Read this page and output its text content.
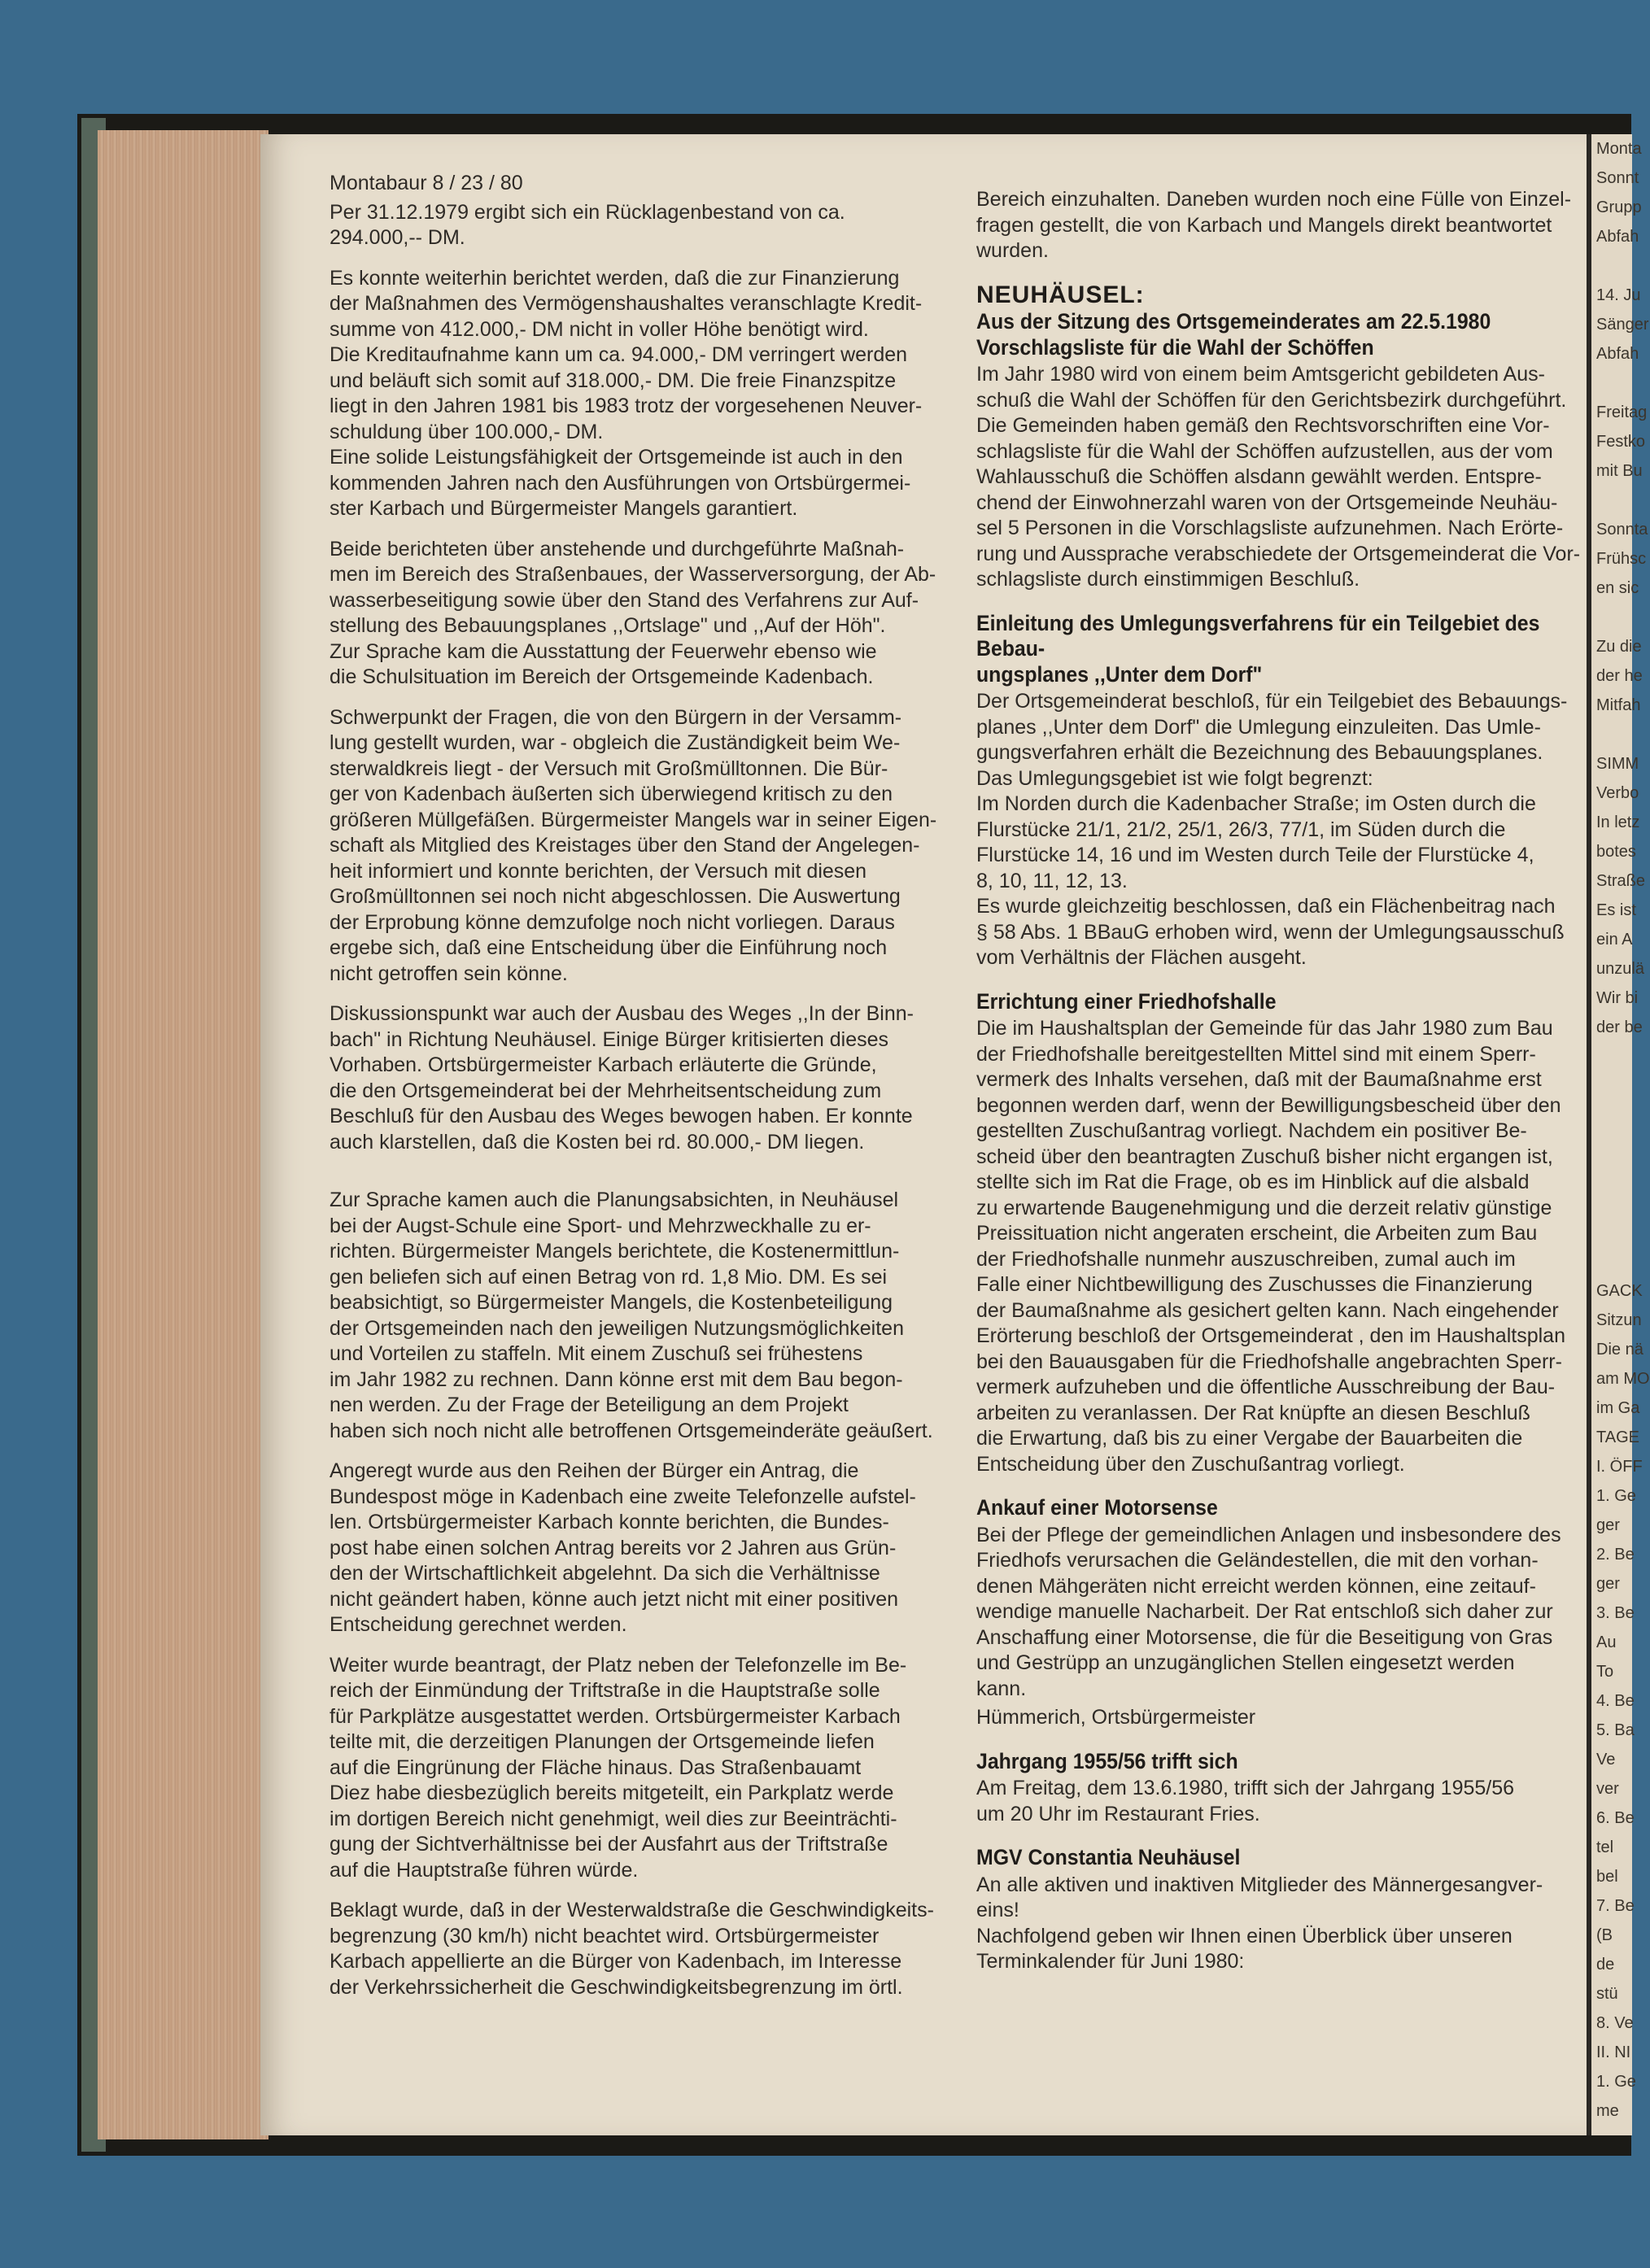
Montabaur 8 / 23 / 80

Per 31.12.1979 ergibt sich ein Rücklagenbestand von ca.
294.000,-- DM.

Es konnte weiterhin berichtet werden, daß die zur Finanzierung
der Maßnahmen des Vermögenshaushaltes veranschlagte Kredit-
summe von 412.000,- DM nicht in voller Höhe benötigt wird.
Die Kreditaufnahme kann um ca. 94.000,- DM verringert werden
und beläuft sich somit auf 318.000,- DM. Die freie Finanzspitze
liegt in den Jahren 1981 bis 1983 trotz der vorgesehenen Neuver-
schuldung über 100.000,- DM.
Eine solide Leistungsfähigkeit der Ortsgemeinde ist auch in den
kommenden Jahren nach den Ausführungen von Ortsbürgermei-
ster Karbach und Bürgermeister Mangels garantiert.

Beide berichteten über anstehende und durchgeführte Maßnah-
men im Bereich des Straßenbaues, der Wasserversorgung, der Ab-
wasserbeseitigung sowie über den Stand des Verfahrens zur Auf-
stellung des Bebauungsplanes ,,Ortslage" und ,,Auf der Höh".
Zur Sprache kam die Ausstattung der Feuerwehr ebenso wie
die Schulsituation im Bereich der Ortsgemeinde Kadenbach.

Schwerpunkt der Fragen, die von den Bürgern in der Versamm-
lung gestellt wurden, war - obgleich die Zuständigkeit beim We-
sterwaldkreis liegt - der Versuch mit Großmülltonnen. Die Bür-
ger von Kadenbach äußerten sich überwiegend kritisch zu den
größeren Müllgefäßen. Bürgermeister Mangels war in seiner Eigen-
schaft als Mitglied des Kreistages über den Stand der Angelegen-
heit informiert und konnte berichten, der Versuch mit diesen
Großmülltonnen sei noch nicht abgeschlossen. Die Auswertung
der Erprobung könne demzufolge noch nicht vorliegen. Daraus
ergebe sich, daß eine Entscheidung über die Einführung noch
nicht getroffen sein könne.

Diskussionspunkt war auch der Ausbau des Weges ,,In der Binn-
bach" in Richtung Neuhäusel. Einige Bürger kritisierten dieses
Vorhaben. Ortsbürgermeister Karbach erläuterte die Gründe,
die den Ortsgemeinderat bei der Mehrheitsentscheidung zum
Beschluß für den Ausbau des Weges bewogen haben. Er konnte
auch klarstellen, daß die Kosten bei rd. 80.000,- DM liegen.

Zur Sprache kamen auch die Planungsabsichten, in Neuhäusel
bei der Augst-Schule eine Sport- und Mehrzweckhalle zu er-
richten. Bürgermeister Mangels berichtete, die Kostenermittlun-
gen beliefen sich auf einen Betrag von rd. 1,8 Mio. DM. Es sei
beabsichtigt, so Bürgermeister Mangels, die Kostenbeteiligung
der Ortsgemeinden nach den jeweiligen Nutzungsmöglichkeiten
und Vorteilen zu staffeln. Mit einem Zuschuß sei frühestens
im Jahr 1982 zu rechnen. Dann könne erst mit dem Bau begon-
nen werden. Zu der Frage der Beteiligung an dem Projekt
haben sich noch nicht alle betroffenen Ortsgemeinderäte geäußert.

Angeregt wurde aus den Reihen der Bürger ein Antrag, die
Bundespost möge in Kadenbach eine zweite Telefonzelle aufstel-
len. Ortsbürgermeister Karbach konnte berichten, die Bundes-
post habe einen solchen Antrag bereits vor 2 Jahren aus Grün-
den der Wirtschaftlichkeit abgelehnt. Da sich die Verhältnisse
nicht geändert haben, könne auch jetzt nicht mit einer positiven
Entscheidung gerechnet werden.

Weiter wurde beantragt, der Platz neben der Telefonzelle im Be-
reich der Einmündung der Triftstraße in die Hauptstraße solle
für Parkplätze ausgestattet werden. Ortsbürgermeister Karbach
teilte mit, die derzeitigen Planungen der Ortsgemeinde liefen
auf die Eingrünung der Fläche hinaus. Das Straßenbauamt
Diez habe diesbezüglich bereits mitgeteilt, ein Parkplatz werde
im dortigen Bereich nicht genehmigt, weil dies zur Beeinträchti-
gung der Sichtverhältnisse bei der Ausfahrt aus der Triftstraße
auf die Hauptstraße führen würde.

Beklagt wurde, daß in der Westerwaldstraße die Geschwindigkeits-
begrenzung (30 km/h) nicht beachtet wird. Ortsbürgermeister
Karbach appellierte an die Bürger von Kadenbach, im Interesse
der Verkehrssicherheit die Geschwindigkeitsbegrenzung im örtl.

Bereich einzuhalten. Daneben wurden noch eine Fülle von Einzel-
fragen gestellt, die von Karbach und Mangels direkt beantwortet
wurden.

NEUHÄUSEL:
Aus der Sitzung des Ortsgemeinderates am 22.5.1980
Vorschlagsliste für die Wahl der Schöffen

Im Jahr 1980 wird von einem beim Amtsgericht gebildeten Aus-
schuß die Wahl der Schöffen für den Gerichtsbezirk durchgeführt.
Die Gemeinden haben gemäß den Rechtsvorschriften eine Vor-
schlagsliste für die Wahl der Schöffen aufzustellen, aus der vom
Wahlausschuß die Schöffen alsdann gewählt werden. Entspre-
chend der Einwohnerzahl waren von der Ortsgemeinde Neuhäu-
sel 5 Personen in die Vorschlagsliste aufzunehmen. Nach Erörte-
rung und Aussprache verabschiedete der Ortsgemeinderat die Vor-
schlagsliste durch einstimmigen Beschluß.

Einleitung des Umlegungsverfahrens für ein Teilgebiet des Bebau-
ungsplanes ,,Unter dem Dorf"

Der Ortsgemeinderat beschloß, für ein Teilgebiet des Bebauungs-
planes ,,Unter dem Dorf" die Umlegung einzuleiten. Das Umle-
gungsverfahren erhält die Bezeichnung des Bebauungsplanes.
Das Umlegungsgebiet ist wie folgt begrenzt:
Im Norden durch die Kadenbacher Straße; im Osten durch die
Flurstücke 21/1, 21/2, 25/1, 26/3, 77/1, im Süden durch die
Flurstücke 14, 16 und im Westen durch Teile der Flurstücke 4,
8, 10, 11, 12, 13.
Es wurde gleichzeitig beschlossen, daß ein Flächenbeitrag nach
§ 58 Abs. 1 BBauG erhoben wird, wenn der Umlegungsausschuß
vom Verhältnis der Flächen ausgeht.

Errichtung einer Friedhofshalle

Die im Haushaltsplan der Gemeinde für das Jahr 1980 zum Bau
der Friedhofshalle bereitgestellten Mittel sind mit einem Sperr-
vermerk des Inhalts versehen, daß mit der Baumaßnahme erst
begonnen werden darf, wenn der Bewilligungsbescheid über den
gestellten Zuschußantrag vorliegt. Nachdem ein positiver Be-
scheid über den beantragten Zuschuß bisher nicht ergangen ist,
stellte sich im Rat die Frage, ob es im Hinblick auf die alsbald
zu erwartende Baugenehmigung und die derzeit relativ günstige
Preissituation nicht angeraten erscheint, die Arbeiten zum Bau
der Friedhofshalle nunmehr auszuschreiben, zumal auch im
Falle einer Nichtbewilligung des Zuschusses die Finanzierung
der Baumaßnahme als gesichert gelten kann. Nach eingehender
Erörterung beschloß der Ortsgemeinderat , den im Haushaltsplan
bei den Bauausgaben für die Friedhofshalle angebrachten Sperr-
vermerk aufzuheben und die öffentliche Ausschreibung der Bau-
arbeiten zu veranlassen. Der Rat knüpfte an diesen Beschluß
die Erwartung, daß bis zu einer Vergabe der Bauarbeiten die
Entscheidung über den Zuschußantrag vorliegt.

Ankauf einer Motorsense

Bei der Pflege der gemeindlichen Anlagen und insbesondere des
Friedhofs verursachen die Geländestellen, die mit den vorhan-
denen Mähgeräten nicht erreicht werden können, eine zeitauf-
wendige manuelle Nacharbeit. Der Rat entschloß sich daher zur
Anschaffung einer Motorsense, die für die Beseitigung von Gras
und Gestrüpp an unzugänglichen Stellen eingesetzt werden
kann.

Hümmerich, Ortsbürgermeister

Jahrgang 1955/56 trifft sich

Am Freitag, dem 13.6.1980, trifft sich der Jahrgang 1955/56
um 20 Uhr im Restaurant Fries.

MGV Constantia Neuhäusel

An alle aktiven und inaktiven Mitglieder des Männergesangver-
eins!
Nachfolgend geben wir Ihnen einen Überblick über unseren
Terminkalender für Juni 1980:

Monta
Sonnt
Grupp
Abfah

14. Ju
Sänger
Abfah

Freitag
Festko
mit Bu

Sonnta
Frühsc
en sic

Zu die
der he
Mitfah

SIMM
Verbo
In letz
botes
Straße
Es ist
ein A
unzulä
Wir bi
der be

GACK
Sitzun
Die nä
am MO
im Ga
TAGE
I. ÖFF
1. Ge
ger
2. Be
ger
3. Be
Au
To
4. Be
5. Ba
Ve
ver
6. Be
tel
bel
7. Be
(B
de
stü
8. Ve
II. NI
1. Ge
me
